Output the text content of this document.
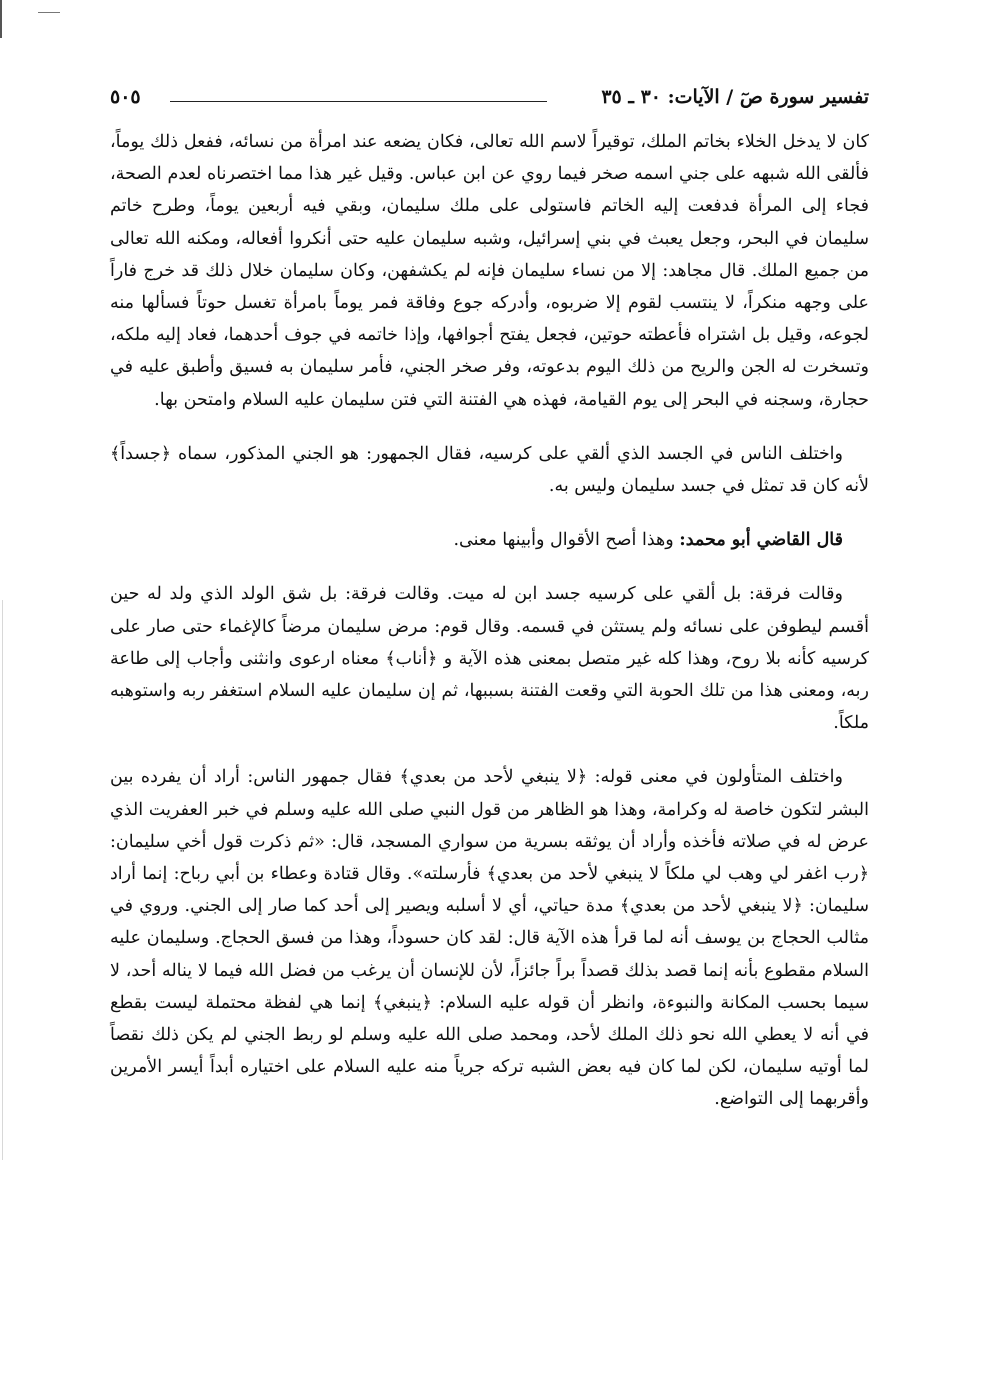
تفسير سورة صٓ / الآيات: ٣٠ ـ ٣٥
٥٠٥

كان لا يدخل الخلاء بخاتم الملك، توقيراً لاسم الله تعالى، فكان يضعه عند امرأة من نسائه، ففعل ذلك يوماً، فألقى الله شبهه على جني اسمه صخر فيما روي عن ابن عباس. وقيل غير هذا مما اختصرناه لعدم الصحة، فجاء إلى المرأة فدفعت إليه الخاتم فاستولى على ملك سليمان، وبقي فيه أربعين يوماً، وطرح خاتم سليمان في البحر، وجعل يعبث في بني إسرائيل، وشبه سليمان عليه حتى أنكروا أفعاله، ومكنه الله تعالى من جميع الملك. قال مجاهد: إلا من نساء سليمان فإنه لم يكشفهن، وكان سليمان خلال ذلك قد خرج فاراً على وجهه منكراً، لا ينتسب لقوم إلا ضربوه، وأدركه جوع وفاقة فمر يوماً بامرأة تغسل حوتاً فسألها منه لجوعه، وقيل بل اشتراه فأعطته حوتين، فجعل يفتح أجوافها، وإذا خاتمه في جوف أحدهما، فعاد إليه ملكه، وتسخرت له الجن والريح من ذلك اليوم بدعوته، وفر صخر الجني، فأمر سليمان به فسيق وأطبق عليه في حجارة، وسجنه في البحر إلى يوم القيامة، فهذه هي الفتنة التي فتن سليمان عليه السلام وامتحن بها.

واختلف الناس في الجسد الذي ألقي على كرسيه، فقال الجمهور: هو الجني المذكور، سماه ﴿جسداً﴾ لأنه كان قد تمثل في جسد سليمان وليس به.

قال القاضي أبو محمد: وهذا أصح الأقوال وأبينها معنى.

وقالت فرقة: بل ألقي على كرسيه جسد ابن له ميت. وقالت فرقة: بل شق الولد الذي ولد له حين أقسم ليطوفن على نسائه ولم يستثن في قسمه. وقال قوم: مرض سليمان مرضاً كالإغماء حتى صار على كرسيه كأنه بلا روح، وهذا كله غير متصل بمعنى هذه الآية و ﴿أناب﴾ معناه ارعوى وانثنى وأجاب إلى طاعة ربه، ومعنى هذا من تلك الحوبة التي وقعت الفتنة بسببها، ثم إن سليمان عليه السلام استغفر ربه واستوهبه ملكاً.

واختلف المتأولون في معنى قوله: ﴿لا ينبغي لأحد من بعدي﴾ فقال جمهور الناس: أراد أن يفرده بين البشر لتكون خاصة له وكرامة، وهذا هو الظاهر من قول النبي صلى الله عليه وسلم في خبر العفريت الذي عرض له في صلاته فأخذه وأراد أن يوثقه بسرية من سواري المسجد، قال: «ثم ذكرت قول أخي سليمان: ﴿رب اغفر لي وهب لي ملكاً لا ينبغي لأحد من بعدي﴾ فأرسلته». وقال قتادة وعطاء بن أبي رباح: إنما أراد سليمان: ﴿لا ينبغي لأحد من بعدي﴾ مدة حياتي، أي لا أسلبه ويصير إلى أحد كما صار إلى الجني. وروي في مثالب الحجاج بن يوسف أنه لما قرأ هذه الآية قال: لقد كان حسوداً، وهذا من فسق الحجاج. وسليمان عليه السلام مقطوع بأنه إنما قصد بذلك قصداً براً جائزاً، لأن للإنسان أن يرغب من فضل الله فيما لا يناله أحد، لا سيما بحسب المكانة والنبوءة، وانظر أن قوله عليه السلام: ﴿ينبغي﴾ إنما هي لفظة محتملة ليست بقطع في أنه لا يعطي الله نحو ذلك الملك لأحد، ومحمد صلى الله عليه وسلم لو ربط الجني لم يكن ذلك نقصاً لما أوتيه سليمان، لكن لما كان فيه بعض الشبه تركه جرياً منه عليه السلام على اختياره أبداً أيسر الأمرين وأقربهما إلى التواضع.
